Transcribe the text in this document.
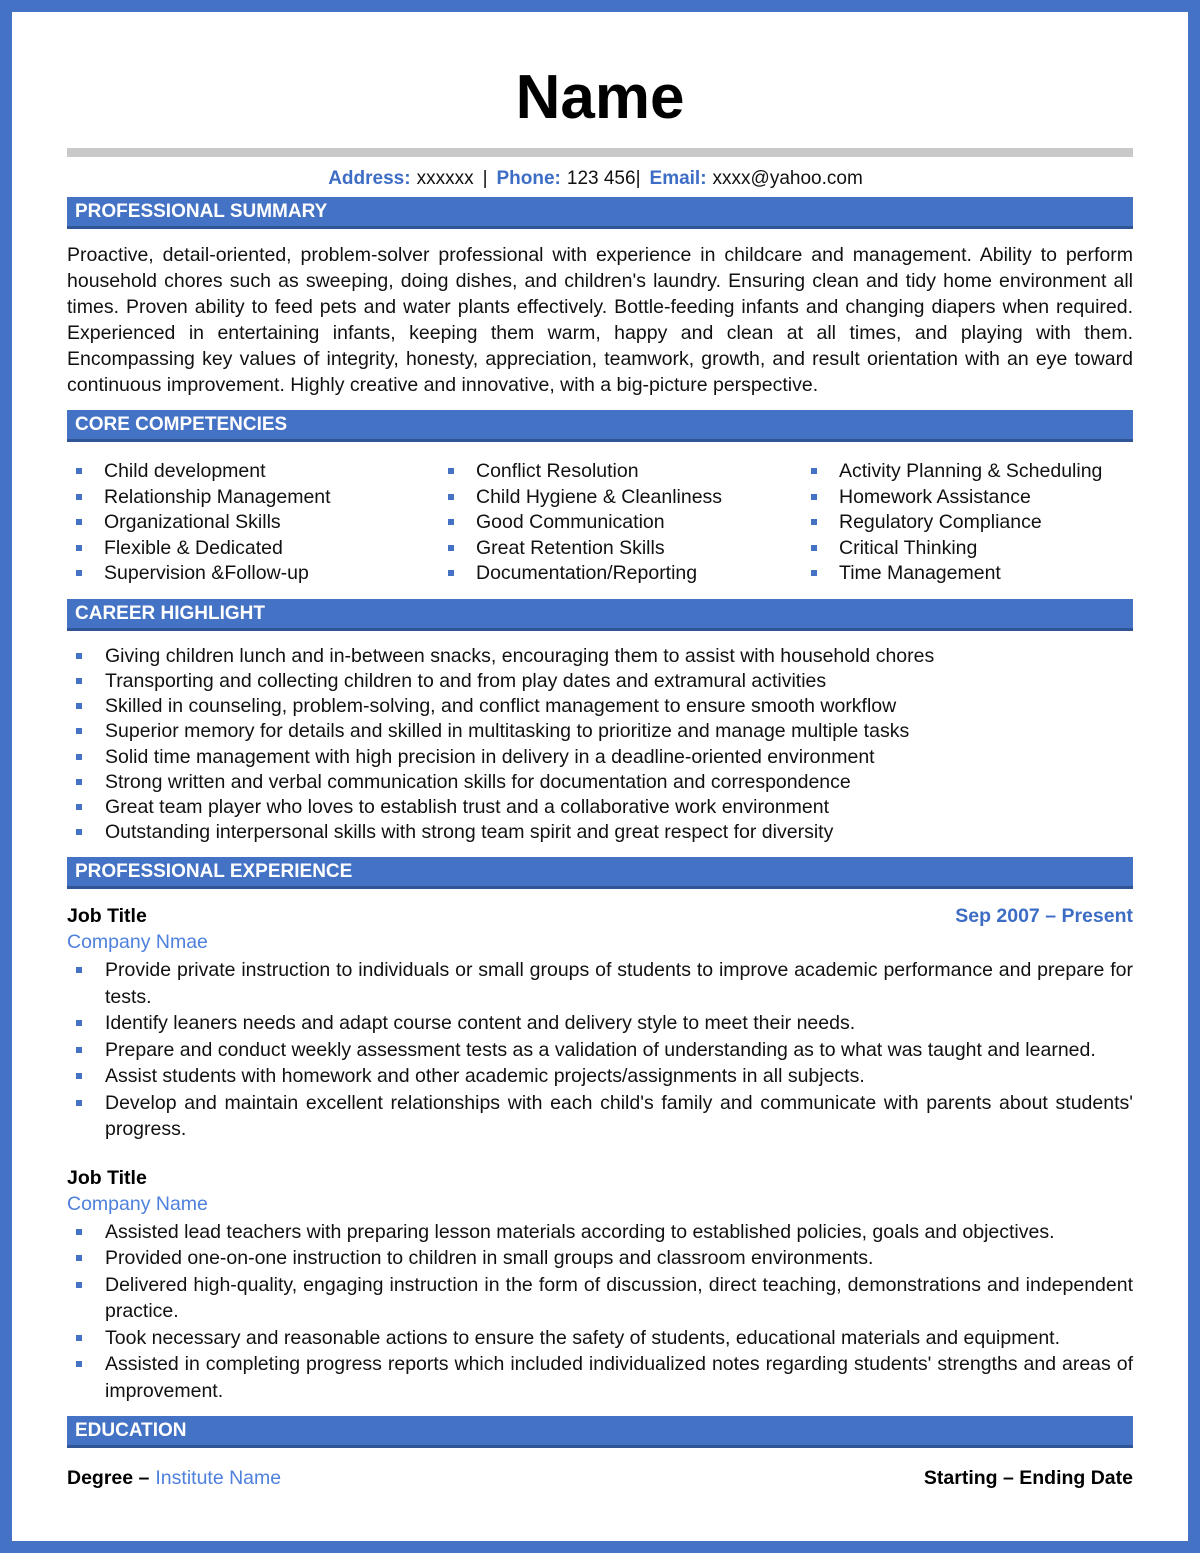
Name
Address: xxxxxx | Phone: 123 456| Email: xxxx@yahoo.com
PROFESSIONAL SUMMARY

Proactive, detail-oriented, problem-solver professional with experience in childcare and management. Ability to perform household chores such as sweeping, doing dishes, and children's laundry. Ensuring clean and tidy home environment all times. Proven ability to feed pets and water plants effectively. Bottle-feeding infants and changing diapers when required. Experienced in entertaining infants, keeping them warm, happy and clean at all times, and playing with them. Encompassing key values of integrity, honesty, appreciation, teamwork, growth, and result orientation with an eye toward continuous improvement. Highly creative and innovative, with a big-picture perspective.

CORE COMPETENCIES
Child development
Relationship Management
Organizational Skills
Flexible & Dedicated
Supervision &Follow-up
Conflict Resolution
Child Hygiene & Cleanliness
Good Communication
Great Retention Skills
Documentation/Reporting
Activity Planning & Scheduling
Homework Assistance
Regulatory Compliance
Critical Thinking
Time Management
CAREER HIGHLIGHT
Giving children lunch and in-between snacks, encouraging them to assist with household chores
Transporting and collecting children to and from play dates and extramural activities
Skilled in counseling, problem-solving, and conflict management to ensure smooth workflow
Superior memory for details and skilled in multitasking to prioritize and manage multiple tasks
Solid time management with high precision in delivery in a deadline-oriented environment
Strong written and verbal communication skills for documentation and correspondence
Great team player who loves to establish trust and a collaborative work environment
Outstanding interpersonal skills with strong team spirit and great respect for diversity
PROFESSIONAL EXPERIENCE
Job Title	Sep 2007 – Present
Company Nmae
Provide private instruction to individuals or small groups of students to improve academic performance and prepare for tests.
Identify leaners needs and adapt course content and delivery style to meet their needs.
Prepare and conduct weekly assessment tests as a validation of understanding as to what was taught and learned.
Assist students with homework and other academic projects/assignments in all subjects.
Develop and maintain excellent relationships with each child's family and communicate with parents about students' progress.
Job Title
Company Name
Assisted lead teachers with preparing lesson materials according to established policies, goals and objectives.
Provided one-on-one instruction to children in small groups and classroom environments.
Delivered high-quality, engaging instruction in the form of discussion, direct teaching, demonstrations and independent practice.
Took necessary and reasonable actions to ensure the safety of students, educational materials and equipment.
Assisted in completing progress reports which included individualized notes regarding students' strengths and areas of improvement.
EDUCATION
Degree – Institute Name	Starting – Ending Date
